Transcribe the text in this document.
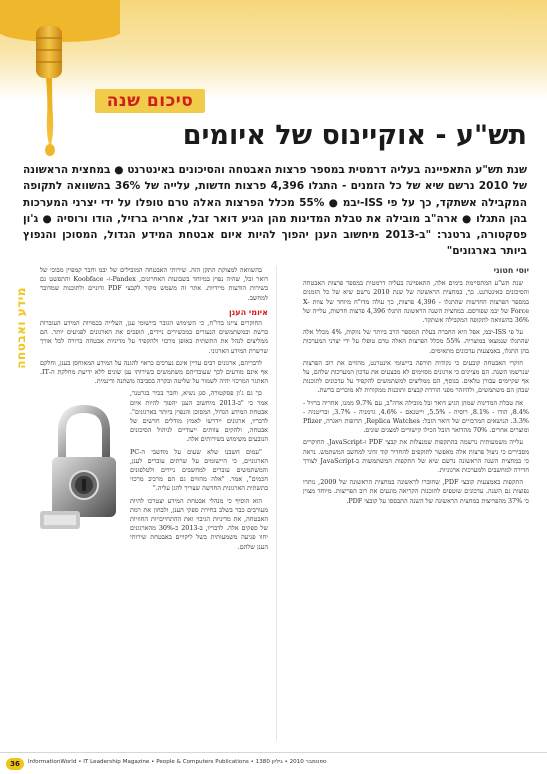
סיכום שנה
תש"ע - אוקיינוס של איומים
שנת תש"ע התאפיינה בעליה דרמטית במספר פרצות האבטחה והסיכונים באינטרנט ● במחצית הראשונה של 2010 נרשם שיא של כל הזמנים - התגלו 4,396 פרצות חדשות, עלייה של 36% בהשוואה לתקופה המקבילה אשתקד, כך על פי ISS-יבמ ● 55% מכלל הפרצות האלה טרם טופלו על ידי יצרני המערכות בהן התגלו ● ארה"ב מובילה את טבלת המדינות מהן הגיע דואר זבל, אחריה ברזיל, הודו ורוסיה ● ג'ון פסקטורה, גרטנר: "ב-2013 מיחשוב הענן יהפוך להיות איום אבטחת המידע הגדול, המסוכן והנפוץ ביותר בארגונים"
מידע ואבטחה
יוסי חטוני

שנת תש"ע המתסיימת בימים אלה, התאפיינה בעליה דרמטית במספר פרצות האבטחה והסיכונים באינטרנט. כך, במחצית הראשונה של שנת 2010 נרשם שיא של כל הזמנים במספר הפרצות החדשות שהתגלו - 4,396 פרצות, כך עולה מדו"ח מיוחד של צוות X-Force של יבמ שפורסם. במחצית השנה הראשונה התגלו 4,396 פרצות חדשות, עלייה של 36% בהשוואה לתקופה המקבילה אשתקד.

על פי ISS-יבמ, אפל היא החברה בעלת המספר הרב ביותר של נוזקות, 4% מכלל אלה שהתגלו שנמצאו במוצריה. 55% מכלל הפרצות האלה טרם טופלו על ידי יצרני המערכות בהן התגלו, באמצעות עדכונים מתאימים.

חוקרי האבטחה קובעים כי נקודות תורפה ביישומי אינטרנט, מהווים את רוב הפרצות שנרשמו השנה. הם מציינים כי ארגונים מסוימים לא מבצעים את עדכון המערכות שלהם, על אף שקיימים עבורן טלאים. בנוסף, הם ממליצים למשתמשים להקפיד על עדכונים לתוכנות שבהן הם משתמשים, ולהיזהר מפני הורדת קבצים ותוכנות ממקורות לא מוכרים ברשת.

את טבלת המדינות שמהן הגיע דואר זבל מובילה ארה"ב, עם 9.7% ממנו, אחריה ברזיל - 8.4%, הודו - 8.1%, רוסיה - 5.5%, וייטנאם - 4.6%, גרמניה - 3.7%, ובריטניה - 3.3%. הנושאים המרכזיים של דואר הזבל: Replica Watches, תרופות ויאגרה, Pfizer ומוצרים אחרים. 70% מהדואר הזבל הכילו קישורים למצגים שונים.

עלייה משמעותית נרשמה בהתקפות שמנצלות את קבצי PDF ו-JavaScript. החוקרים מסבירים כי ניצול פרצות אלה מאפשר לתוקפים להחדיר קוד זדוני למחשב המשתמש. נראה כי במחצית השנה הראשונה נרשם שיא של התקפות המשתמשות ב-JavaScript לצורך חדירה למחשבים ולמערכות ארגוניות.

התקפות באמצעות קובצי PDF, שחוברו לראשונה במחצית הראשונה של 2009, נותרו נפוצות גם השנה. עדכונים שוטפים לתוכנות הקריאה מונעים את רוב הפריצות. מיוחד מצוין כי 37% מהפריצות במחצית הראשונה של השנה התבססו על קובצי PDF.

בהשוואה למצוקת התקן הזה. שירותי האבטחה המובילים של יבמ וחבר קמפיין מבוכי של דואר זבל, שהיה נפוץ במיוחד בשבועות האחרונים, Pandex-ו- Koobface והתפשט גם בשירות הודעות מיידיות. אתר זה משמש מקור לקבצי PDF זדוניים ולתוכנות שמדובר למחשב.

איומי הענן

החוקרים ציינו בדו"ח, כי השימוש הגובר ביישומי ענן, העלייה בכמויות המידע העוברות ברשת ובמשתמשים הנעזרים במכשירים ניידים, הופכים את הארגונים לפגיעים יותר. הם ממליצים לנהל את התשתית באופן מרכזי ולהקפיד על מדיניות אבטחה ברורה לכל אורך שרשרת המידע הארגוני.

לדבריהם, ארגונים רבים עדיין אינם נערכים כראוי להגנה על המידע המאוחסן בענן, וחלקם אף אינם מודעים לכך שעובדיהם משתמשים בשירותי ענן שונים ללא ידיעת מחלקת ה-IT. האתגר המרכזי יהיה לשמור על שליטה ובקרה בסביבה משתנה ודינמית.

כך גם ג'ון פסקטורה, סגן נשיא, וחבר בכיר בגרטנר, אמר כי "ב-2013 מיחשוב הענן יהפוך להיות איום אבטחת המידע הגדול, המסוכן והנפוץ ביותר בארגונים". לדבריו, ארגונים יידרשו לאמץ מודלים חדשים של אבטחה, ולהקים צוותים ייעודיים לניהול הסיכונים הנובעים משימוש בשירותים אלה.

"עמום חשבנו שלא שעום על מחשבי ה-PC הארגוניים, כי היישומים על שרתים עוברים לענן, והמשתמשים עוברים למחשבים ניידים ולטלפונים חכמים", אמר. "אלה מהווים גם הם מרכיב מרכזי בתשתית הארגונית החדשה שצריך להגן עליה."

הוא הוסיף כי מנהלי אבטחת המידע יצטרכו להיות מעורבים כבר בשלב בחירת ספקי הענן, ולבחון את רמת האבטחה, את מדיניות הגיבוי ואת ההתחייבויות החוזיות של ספקים אלה. לדבריו, ב-2013 כ-30% מהארגונים יחוו פגיעה משמעותית בשל ליקויים באבטחת שירותי הענן שלהם.

36	InformationWorld • IT Leadership Magazine • People & Computers Publications • ספטמבר 2010 • גיליון 1380
